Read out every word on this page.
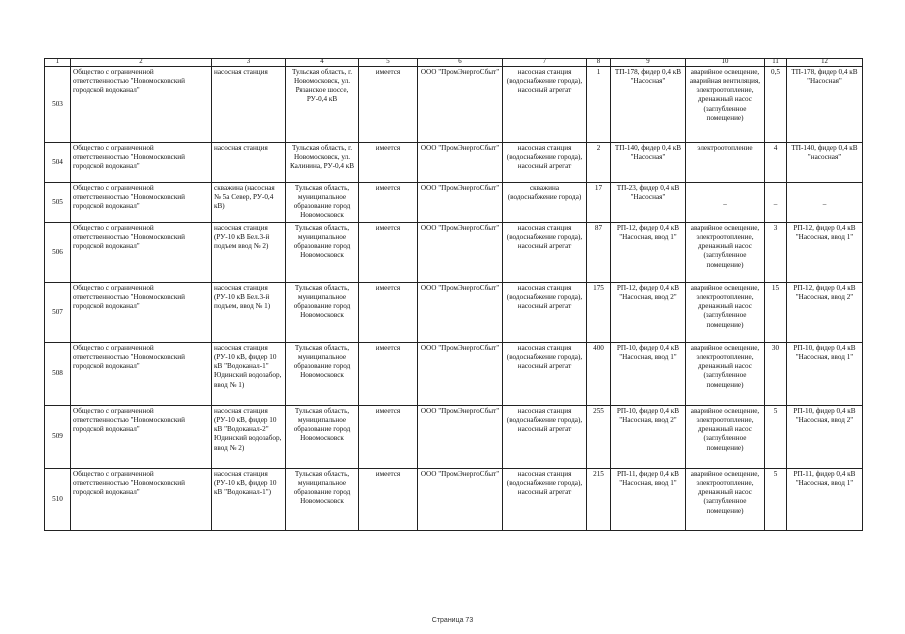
1	2	3	4	5	6	7	8	9	10	11	12
503	Общество с ограниченной ответственностью "Новомосковский городской водоканал"	насосная станция	Тульская область, г. Новомосковск, ул. Рязанское шоссе, РУ-0,4 кВ	имеется	ООО "ПромЭнергоСбыт"	насосная станция (водоснабжение города), насосный агрегат	1	ТП-178, фидер 0,4 кВ "Насосная"	аварийное освещение, аварийная вентиляция, электроотопление, дренажный насос (заглубленное помещение)	0,5	ТП-178, фидер 0,4 кВ "Насосная"
504	Общество с ограниченной ответственностью "Новомосковский городской водоканал"	насосная станция	Тульская область, г. Новомосковск, ул. Калинина, РУ-0,4 кВ	имеется	ООО "ПромЭнергоСбыт"	насосная станция (водоснабжение города), насосный агрегат	2	ТП-140, фидер 0,4 кВ "Насосная"	электроотопление	4	ТП-140, фидер 0,4 кВ "насосная"
505	Общество с ограниченной ответственностью "Новомосковский городской водоканал"	скважина (насосная № 5а Север, РУ-0,4 кВ)	Тульская область, муниципальное образование город Новомосковск	имеется	ООО "ПромЭнергоСбыт"	скважина (водоснабжение города)	17	ТП-23, фидер 0,4 кВ "Насосная"	_	_	_
506	Общество с ограниченной ответственностью "Новомосковский городской водоканал"	насосная станция (РУ-10 кВ Бел.3-й подъем ввод № 2)	Тульская область, муниципальное образование город Новомосковск	имеется	ООО "ПромЭнергоСбыт"	насосная станция (водоснабжение города), насосный агрегат	87	РП-12, фидер 0,4 кВ "Насосная, ввод 1"	аварийное освещение, электроотопление, дренажный насос (заглубленное помещение)	3	РП-12, фидер 0,4 кВ "Насосная, ввод 1"
507	Общество с ограниченной ответственностью "Новомосковский городской водоканал"	насосная станция (РУ-10 кВ Бел.3-й подъем, ввод № 1)	Тульская область, муниципальное образование город Новомосковск	имеется	ООО "ПромЭнергоСбыт"	насосная станция (водоснабжение города), насосный агрегат	175	РП-12, фидер 0,4 кВ "Насосная, ввод 2"	аварийное освещение, электроотопление, дренажный насос (заглубленное помещение)	15	РП-12, фидер 0,4 кВ "Насосная, ввод 2"
508	Общество с ограниченной ответственностью "Новомосковский городской водоканал"	насосная станция (РУ-10 кВ, фидер 10 кВ "Водоканал-1" Юдинский водозабор, ввод № 1)	Тульская область, муниципальное образование город Новомосковск	имеется	ООО "ПромЭнергоСбыт"	насосная станция (водоснабжение города), насосный агрегат	400	РП-10, фидер 0,4 кВ "Насосная, ввод 1"	аварийное освещение, электроотопление, дренажный насос (заглубленное помещение)	30	РП-10, фидер 0,4 кВ "Насосная, ввод 1"
509	Общество с ограниченной ответственностью "Новомосковский городской водоканал"	насосная станция (РУ-10 кВ, фидер 10 кВ "Водоканал-2" Юдинский водозабор, ввод № 2)	Тульская область, муниципальное образование город Новомосковск	имеется	ООО "ПромЭнергоСбыт"	насосная станция (водоснабжение города), насосный агрегат	255	РП-10, фидер 0,4 кВ "Насосная, ввод 2"	аварийное освещение, электроотопление, дренажный насос (заглубленное помещение)	5	РП-10, фидер 0,4 кВ "Насосная, ввод 2"
510	Общество с ограниченной ответственностью "Новомосковский городской водоканал"	насосная станция (РУ-10 кВ, фидер 10 кВ "Водоканал-1")	Тульская область, муниципальное образование город Новомосковск	имеется	ООО "ПромЭнергоСбыт"	насосная станция (водоснабжение города), насосный агрегат	215	РП-11, фидер 0,4 кВ "Насосная, ввод 1"	аварийное освещение, электроотопление, дренажный насос (заглубленное помещение)	5	РП-11, фидер 0,4 кВ "Насосная, ввод 1"
Страница 73
